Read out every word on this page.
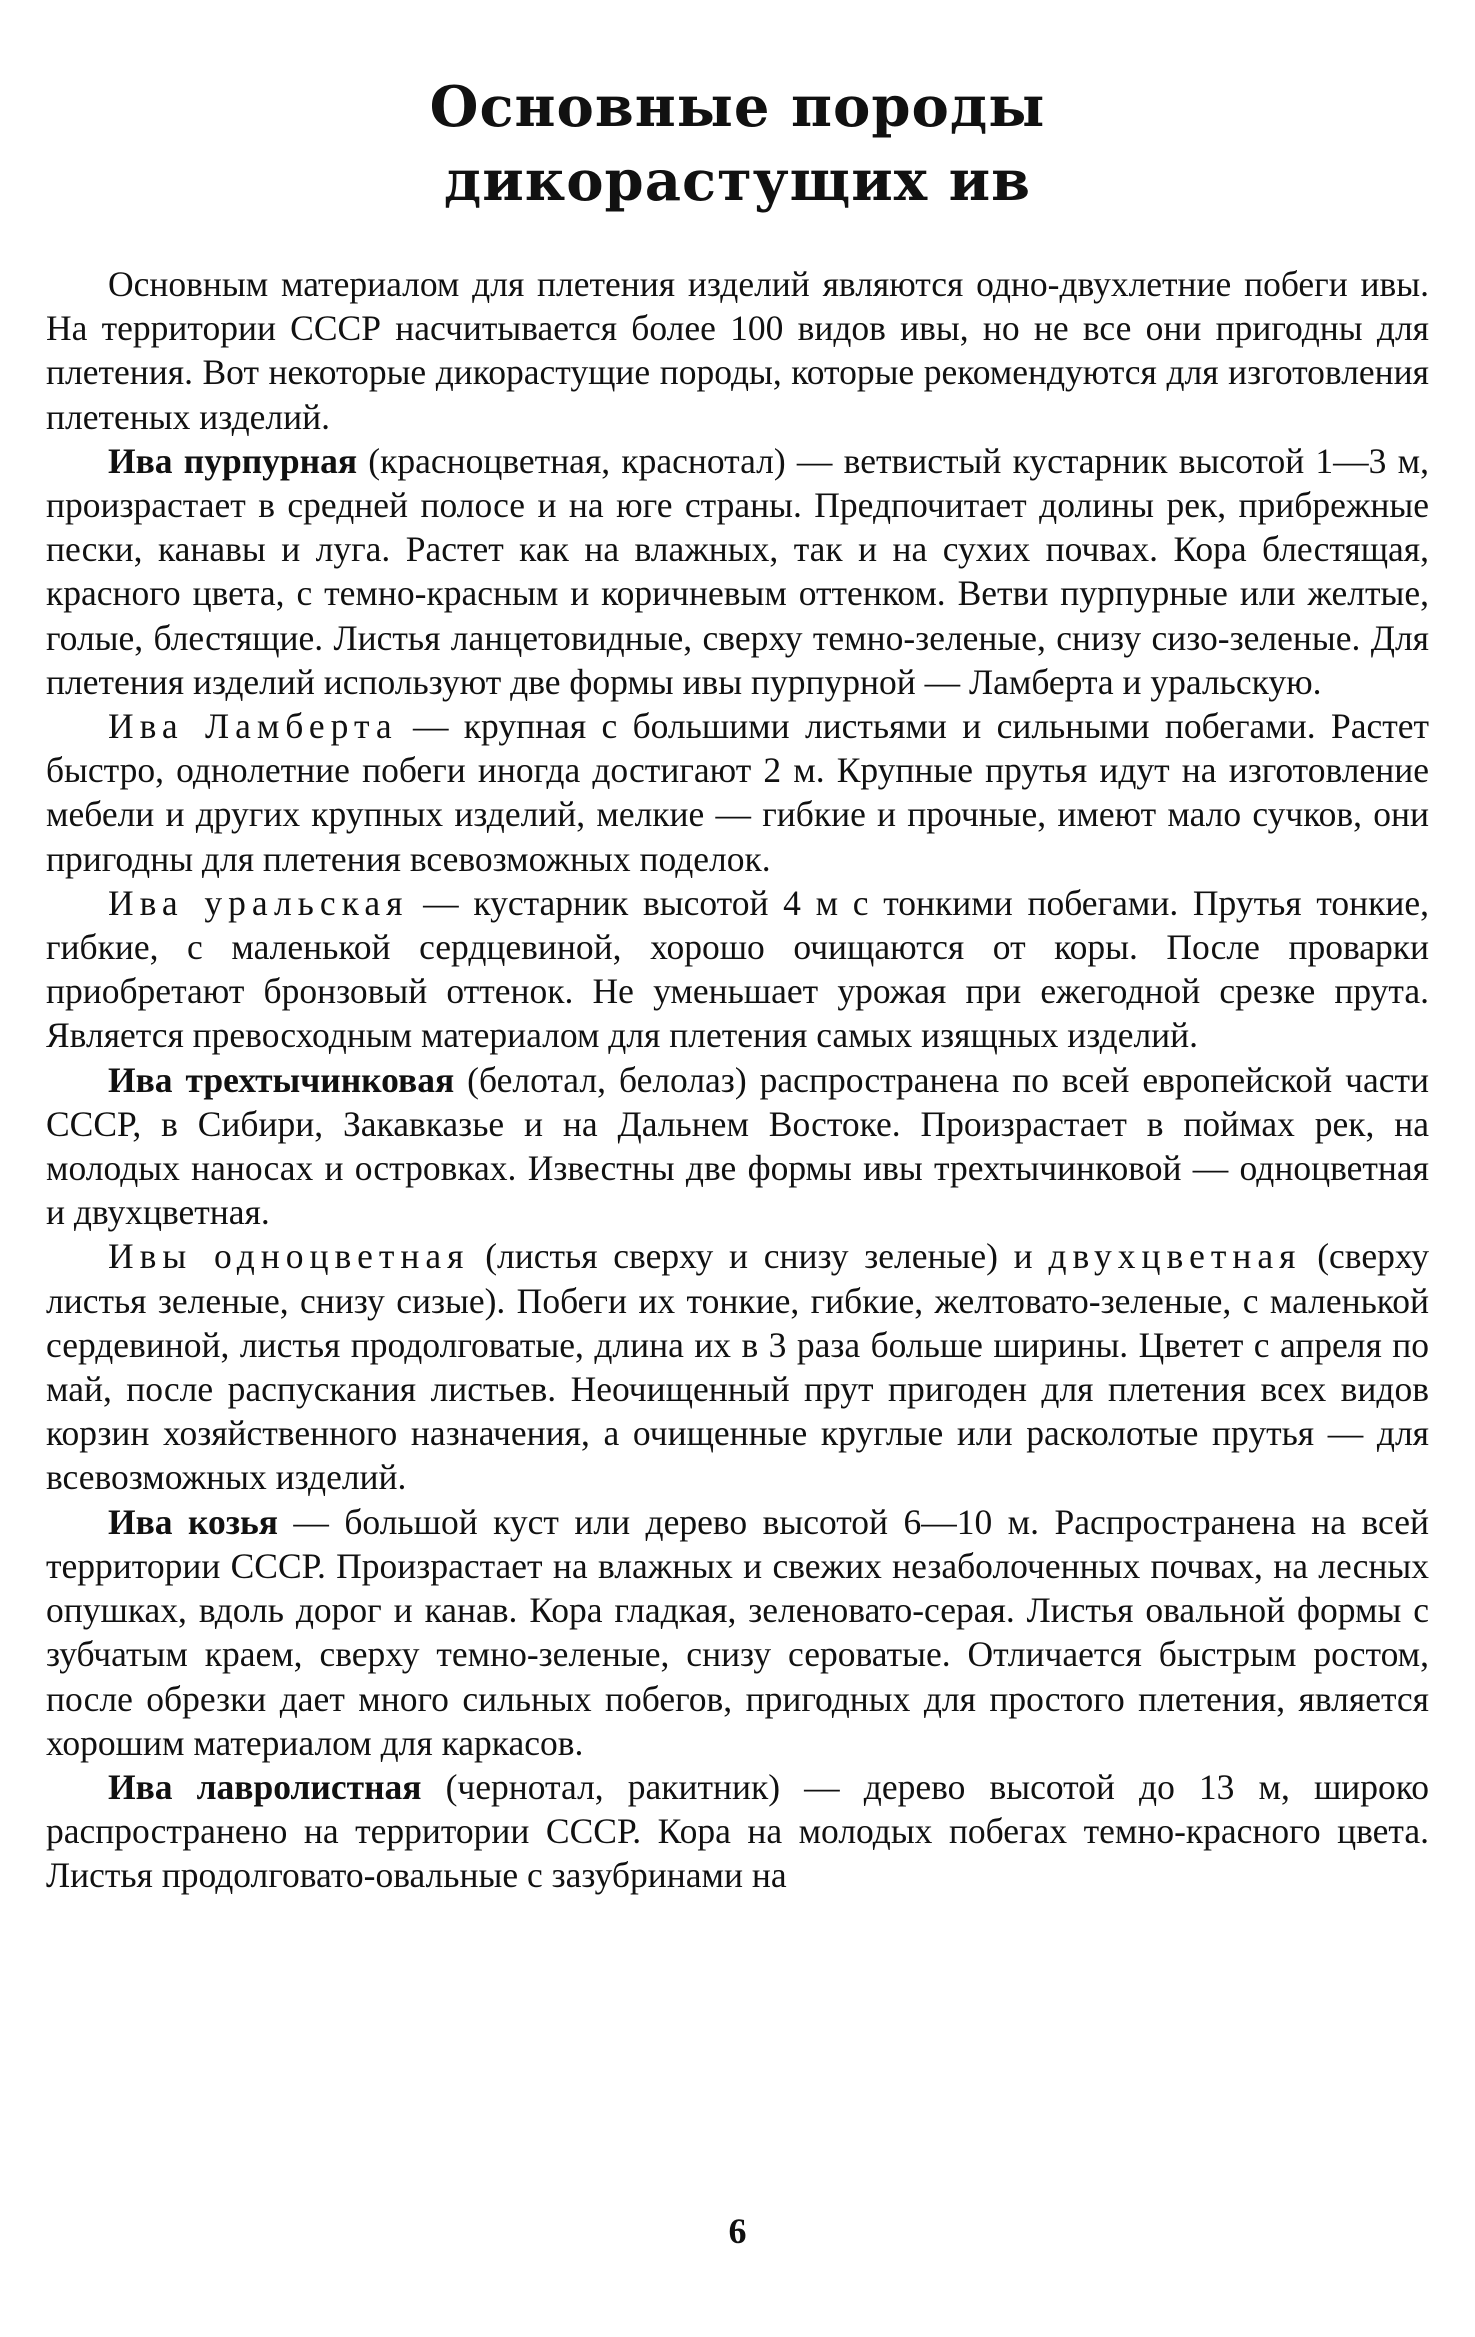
Основные породы
дикорастущих ив

Основным материалом для плетения изделий являются одно-двухлетние побеги ивы. На территории СССР насчитывается более 100 видов ивы, но не все они пригодны для плетения. Вот некоторые дикорастущие породы, которые рекомендуются для изготовления плетеных изделий.

Ива пурпурная (красноцветная, краснотал) — ветвистый кустарник высотой 1—3 м, произрастает в средней полосе и на юге страны. Предпочитает долины рек, прибрежные пески, канавы и луга. Растет как на влажных, так и на сухих почвах. Кора блестящая, красного цвета, с темно-красным и коричневым оттенком. Ветви пурпурные или желтые, голые, блестящие. Листья ланцетовидные, сверху темно-зеленые, снизу сизо-зеленые. Для плетения изделий используют две формы ивы пурпурной — Ламберта и уральскую.

Ива Ламберта — крупная с большими листьями и сильными побегами. Растет быстро, однолетние побеги иногда достигают 2 м. Крупные прутья идут на изготовление мебели и других крупных изделий, мелкие — гибкие и прочные, имеют мало сучков, они пригодны для плетения всевозможных поделок.

Ива уральская — кустарник высотой 4 м с тонкими побегами. Прутья тонкие, гибкие, с маленькой сердцевиной, хорошо очищаются от коры. После проварки приобретают бронзовый оттенок. Не уменьшает урожая при ежегодной срезке прута. Является превосходным материалом для плетения самых изящных изделий.

Ива трехтычинковая (белотал, белолаз) распространена по всей европейской части СССР, в Сибири, Закавказье и на Дальнем Востоке. Произрастает в поймах рек, на молодых наносах и островках. Известны две формы ивы трехтычинковой — одноцветная и двухцветная.

Ивы одноцветная (листья сверху и снизу зеленые) и двухцветная (сверху листья зеленые, снизу сизые). Побеги их тонкие, гибкие, желтовато-зеленые, с маленькой сердевиной, листья продолговатые, длина их в 3 раза больше ширины. Цветет с апреля по май, после распускания листьев. Неочищенный прут пригоден для плетения всех видов корзин хозяйственного назначения, а очищенные круглые или расколотые прутья — для всевозможных изделий.

Ива козья — большой куст или дерево высотой 6—10 м. Распространена на всей территории СССР. Произрастает на влажных и свежих незаболоченных почвах, на лесных опушках, вдоль дорог и канав. Кора гладкая, зеленовато-серая. Листья овальной формы с зубчатым краем, сверху темно-зеленые, снизу сероватые. Отличается быстрым ростом, после обрезки дает много сильных побегов, пригодных для простого плетения, является хорошим материалом для каркасов.

Ива лавролистная (чернотал, ракитник) — дерево высотой до 13 м, широко распространено на территории СССР. Кора на молодых побегах темно-красного цвета. Листья продолговато-овальные с зазубринами на

6
